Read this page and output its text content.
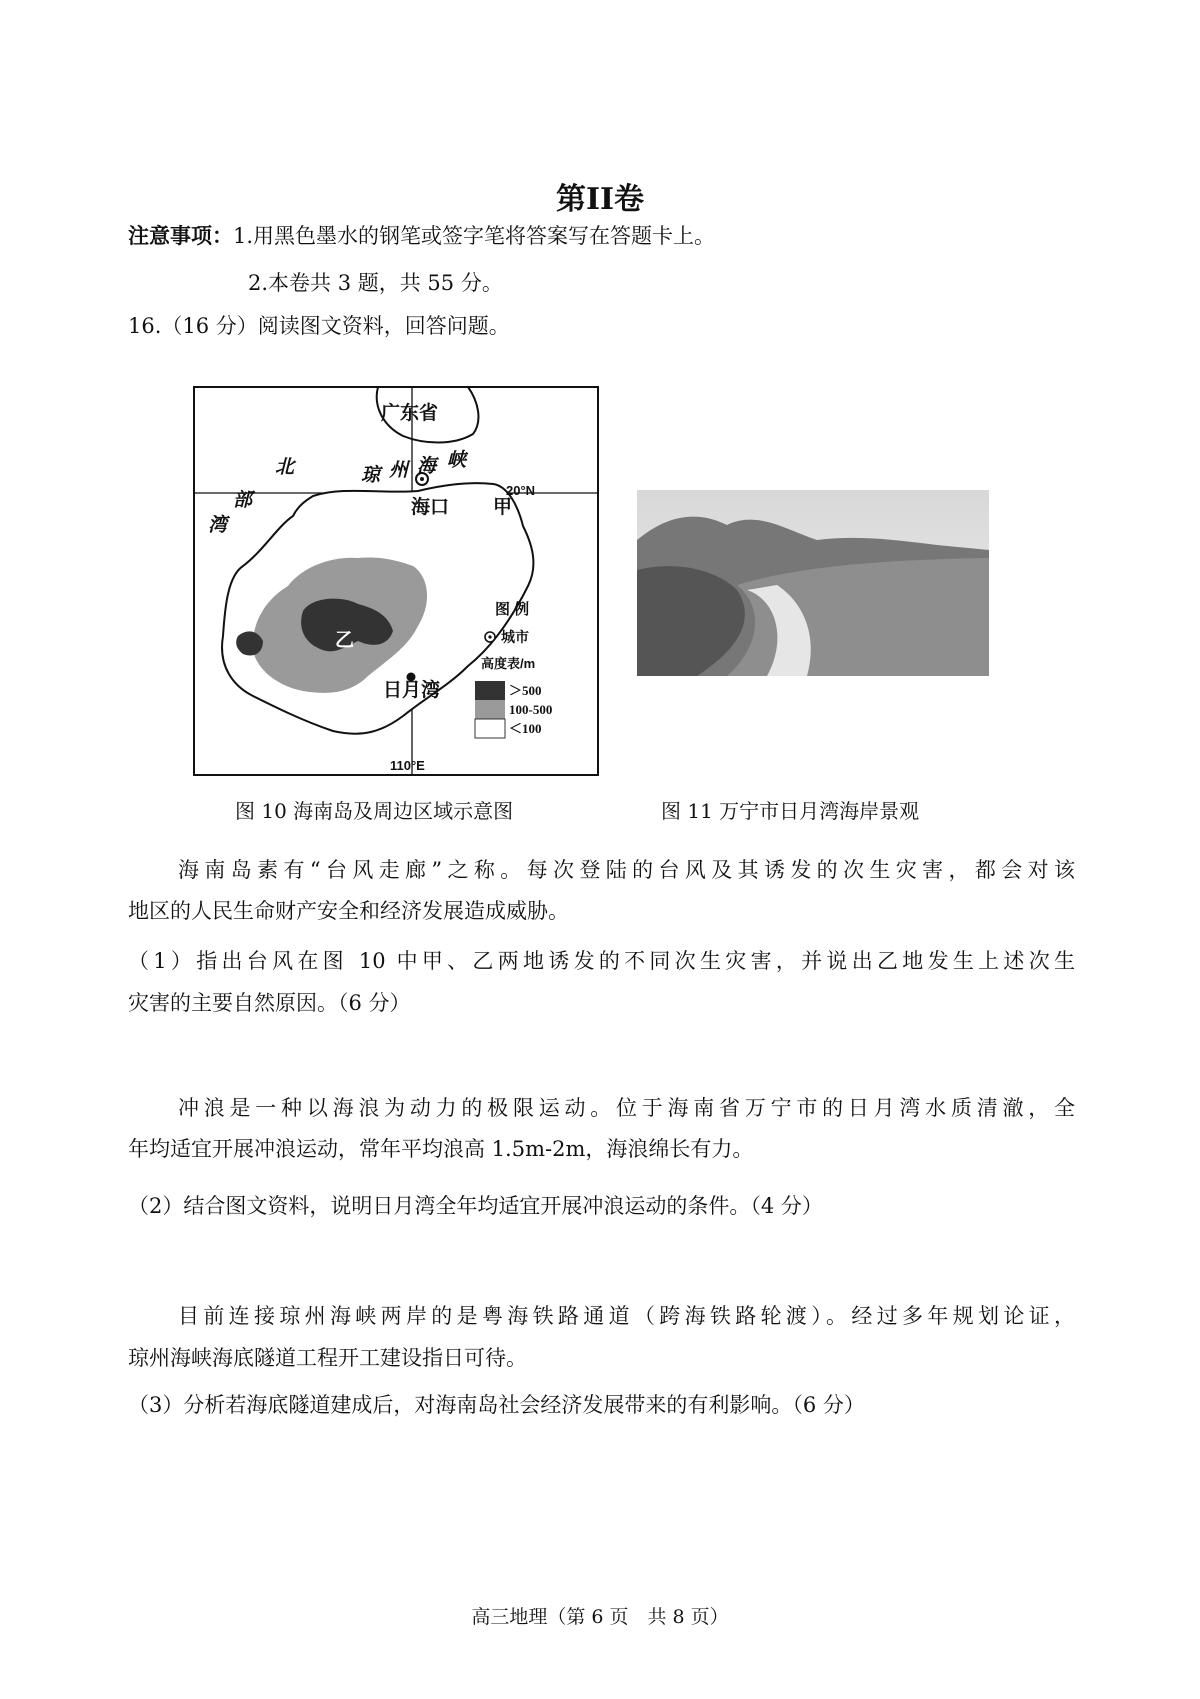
第II卷
注意事项：1.用黑色墨水的钢笔或签字笔将答案写在答题卡上。
2.本卷共 3 题，共 55 分。
16.（16 分）阅读图文资料，回答问题。
北
部
湾
广东省
琼 州 海 峡
海口 甲
乙
日月湾
20°N
110°E
图 例
城市
高度表/m
＞500
100-500
＜100
图 10 海南岛及周边区域示意图	图 11 万宁市日月湾海岸景观
海南岛素有“台风走廊”之称。每次登陆的台风及其诱发的次生灾害，都会对该
地区的人民生命财产安全和经济发展造成威胁。
（1）指出台风在图 10 中甲、乙两地诱发的不同次生灾害，并说出乙地发生上述次生
灾害的主要自然原因。（6 分）
冲浪是一种以海浪为动力的极限运动。位于海南省万宁市的日月湾水质清澈，全
年均适宜开展冲浪运动，常年平均浪高 1.5m-2m，海浪绵长有力。
（2）结合图文资料，说明日月湾全年均适宜开展冲浪运动的条件。（4 分）
目前连接琼州海峡两岸的是粤海铁路通道（跨海铁路轮渡）。经过多年规划论证，
琼州海峡海底隧道工程开工建设指日可待。
（3）分析若海底隧道建成后，对海南岛社会经济发展带来的有利影响。（6 分）
高三地理（第 6 页　共 8 页）
